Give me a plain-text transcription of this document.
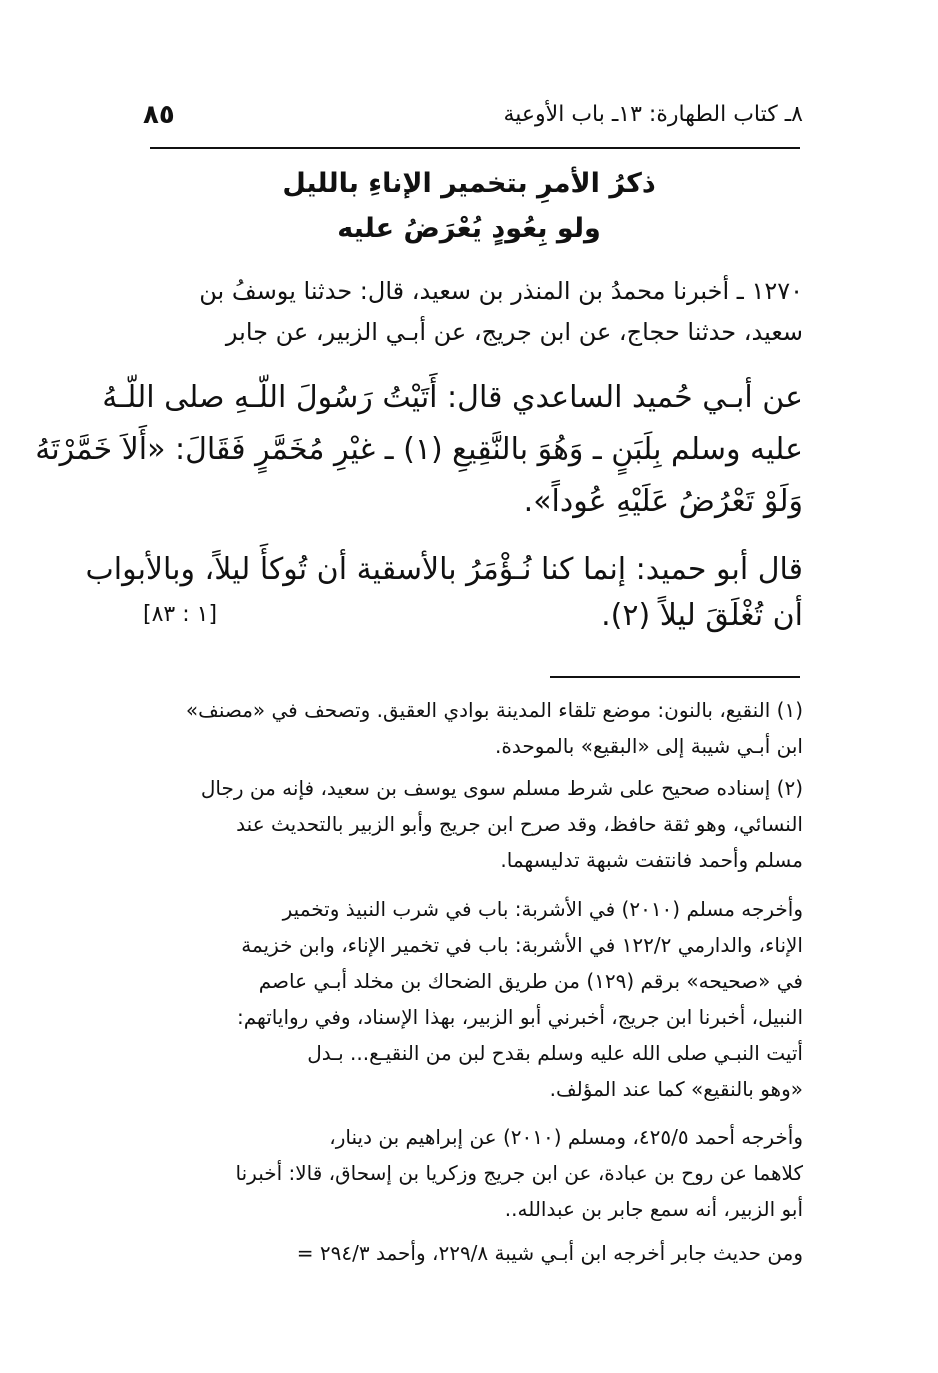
٨٥	٨ـ كتاب الطهارة: ١٣ـ باب الأوعية
ذكرُ الأمرِ بتخمير الإناءِ بالليل
ولو بِعُودٍ يُعْرَضُ عليه
١٢٧٠ ـ أخبرنا محمدُ بن المنذر بن سعيد، قال: حدثنا يوسفُ بن
سعيد، حدثنا حجاج، عن ابن جريج، عن أبـي الزبير، عن جابر
عن أبـي حُميد الساعدي قال: أَتَيْتُ رَسُولَ اللّـهِ صلى اللّـهُ
عليه وسلم بِلَبَنٍ ـ وَهُوَ بالنَّقِيعِ (١) ـ غيْرِ مُخَمَّرٍ فَقَالَ: «أَلاَ خَمَّرْتَهُ
وَلَوْ تَعْرُضُ عَلَيْهِ عُوداً».
قال أبو حميد: إنما كنا نُـؤْمَرُ بالأسقية أن تُوكأَ ليلاً، وبالأبواب
أن تُغْلَقَ ليلاً (٢).
[١ : ٨٣]
(١) النقيع، بالنون: موضع تلقاء المدينة بوادي العقيق. وتصحف في «مصنف»
ابن أبـي شيبة إلى «البقيع» بالموحدة.
(٢) إسناده صحيح على شرط مسلم سوى يوسف بن سعيد، فإنه من رجال
النسائي، وهو ثقة حافظ، وقد صرح ابن جريج وأبو الزبير بالتحديث عند
مسلم وأحمد فانتفت شبهة تدليسهما.
وأخرجه مسلم (٢٠١٠) في الأشربة: باب في شرب النبيذ وتخمير
الإناء، والدارمي ١٢٢/٢ في الأشربة: باب في تخمير الإناء، وابن خزيمة
في «صحيحه» برقم (١٢٩) من طريق الضحاك بن مخلد أبـي عاصم
النبيل، أخبرنا ابن جريج، أخبرني أبو الزبير، بهذا الإسناد، وفي رواياتهم:
أتيت النبـي صلى الله عليه وسلم بقدح لبن من النقيـع... بـدل
«وهو بالنقيع» كما عند المؤلف.
وأخرجه أحمد ٤٢٥/٥، ومسلم (٢٠١٠) عن إبراهيم بن دينار،
كلاهما عن روح بن عبادة، عن ابن جريج وزكريا بن إسحاق، قالا: أخبرنا
أبو الزبير، أنه سمع جابر بن عبدالله..
ومن حديث جابر أخرجه ابن أبـي شيبة ٢٢٩/٨، وأحمد ٢٩٤/٣ =
